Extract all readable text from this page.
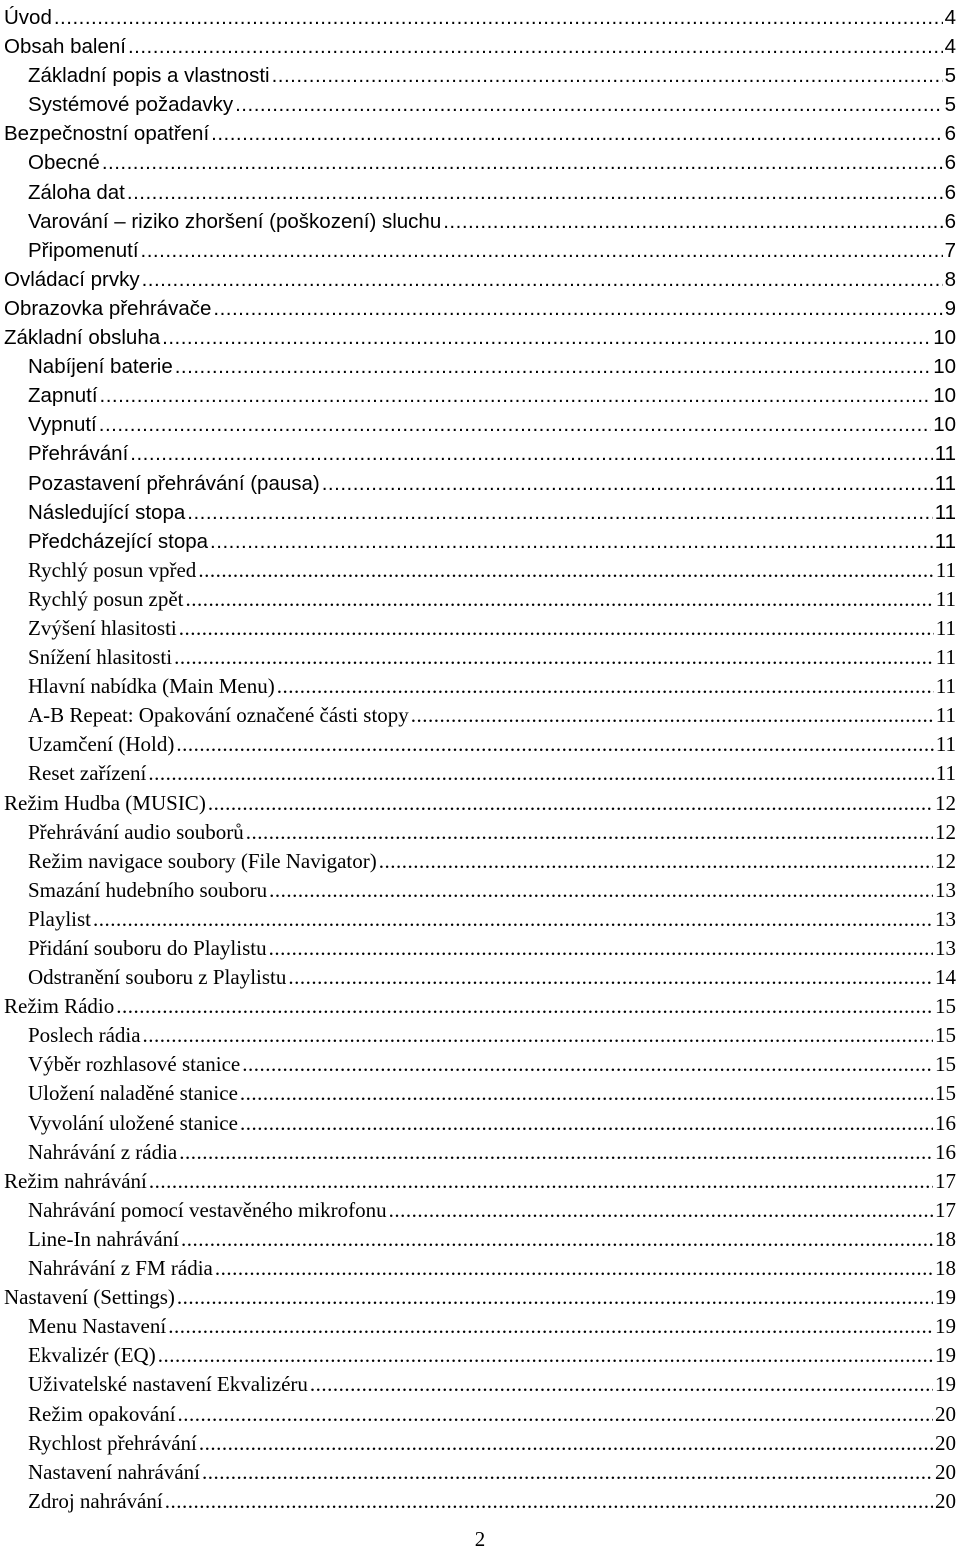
Úvod .....	4
Obsah balení .....	4
Základní popis a vlastnosti .....	5
Systémové požadavky .....	5
Bezpečnostní opatření .....	6
Obecné .....	6
Záloha dat .....	6
Varování – riziko zhoršení (poškození) sluchu .....	6
Připomenutí .....	7
Ovládací prvky .....	8
Obrazovka přehrávače .....	9
Základní obsluha .....	10
Nabíjení baterie .....	10
Zapnutí .....	10
Vypnutí .....	10
Přehrávání .....	11
Pozastavení přehrávání (pausa) .....	11
Následující stopa .....	11
Předcházející stopa .....	11
Rychlý posun vpřed .....	11
Rychlý posun zpět .....	11
Zvýšení hlasitosti .....	11
Snížení hlasitosti .....	11
Hlavní nabídka (Main Menu) .....	11
A-B Repeat: Opakování označené části stopy .....	11
Uzamčení (Hold) .....	11
Reset zařízení .....	11
Režim Hudba (MUSIC) .....	12
Přehrávání audio souborů .....	12
Režim navigace soubory (File Navigator) .....	12
Smazání hudebního souboru .....	13
Playlist .....	13
Přidání souboru do Playlistu .....	13
Odstranění souboru z Playlistu .....	14
Režim Rádio .....	15
Poslech rádia .....	15
Výběr rozhlasové stanice .....	15
Uložení naladěné stanice .....	15
Vyvolání uložené stanice .....	16
Nahrávání z rádia .....	16
Režim nahrávání .....	17
Nahrávání pomocí vestavěného mikrofonu .....	17
Line-In nahrávání .....	18
Nahrávání z FM rádia .....	18
Nastavení (Settings) .....	19
Menu Nastavení .....	19
Ekvalizér (EQ) .....	19
Uživatelské nastavení Ekvalizéru .....	19
Režim opakování .....	20
Rychlost přehrávání .....	20
Nastavení nahrávání .....	20
Zdroj nahrávání .....	20
2
